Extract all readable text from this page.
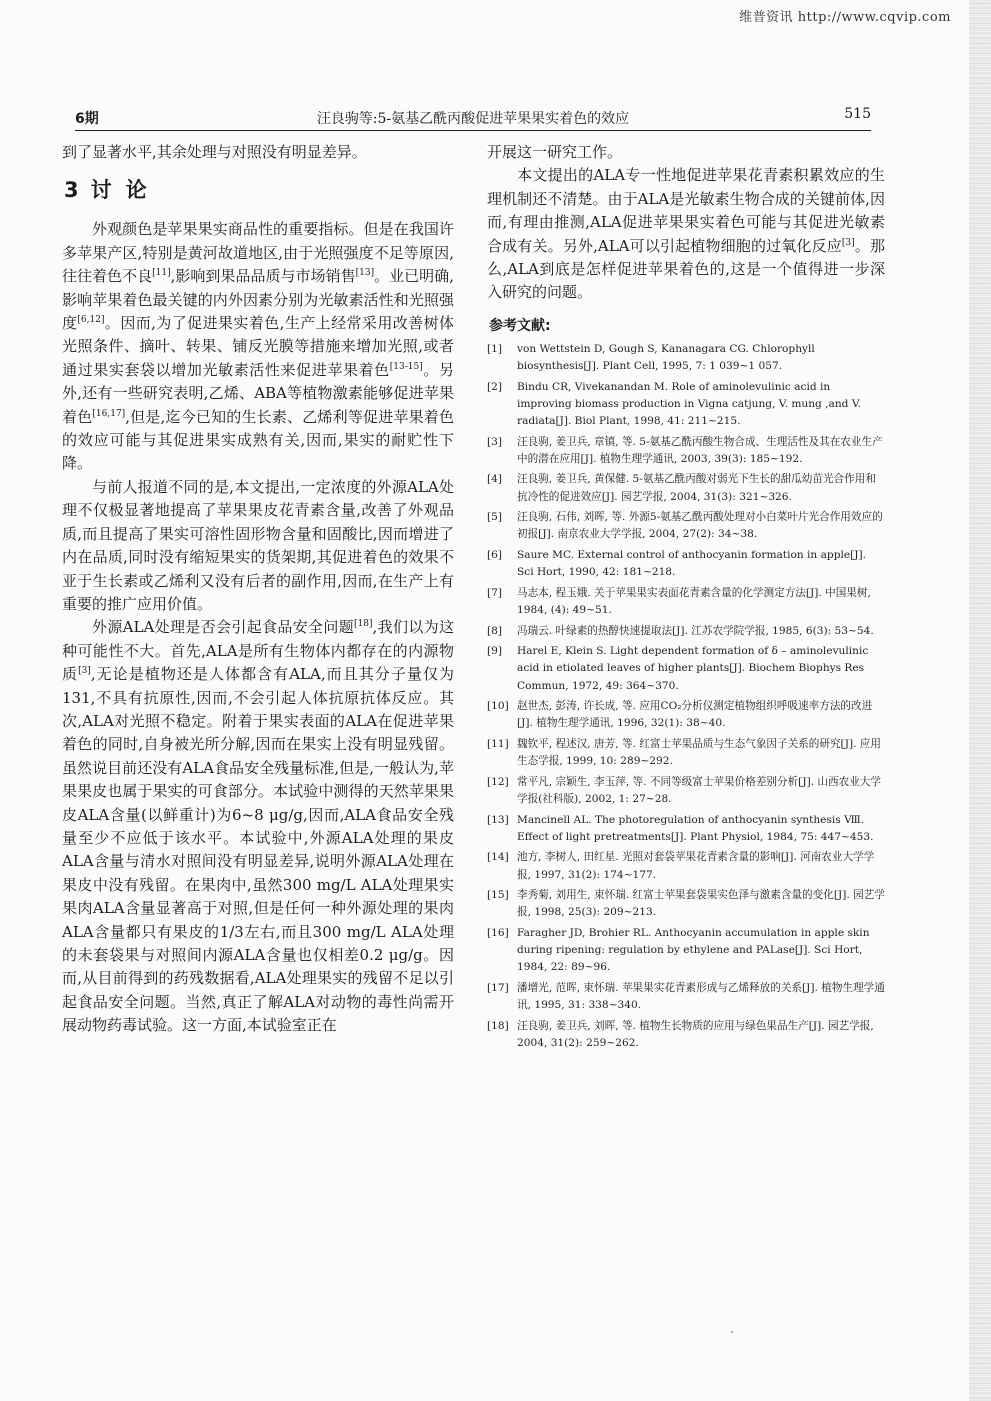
维普资讯 http://www.cqvip.com
6期	汪良驹等:5-氨基乙酰丙酸促进苹果果实着色的效应	515

到了显著水平,其余处理与对照没有明显差异。

3 讨论

外观颜色是苹果果实商品性的重要指标。但是在我国许多苹果产区,特别是黄河故道地区,由于光照强度不足等原因,往往着色不良[11],影响到果品品质与市场销售[13]。业已明确,影响苹果着色最关键的内外因素分别为光敏素活性和光照强度[6,12]。因而,为了促进果实着色,生产上经常采用改善树体光照条件、摘叶、转果、铺反光膜等措施来增加光照,或者通过果实套袋以增加光敏素活性来促进苹果着色[13-15]。另外,还有一些研究表明,乙烯、ABA等植物激素能够促进苹果着色[16,17],但是,迄今已知的生长素、乙烯利等促进苹果着色的效应可能与其促进果实成熟有关,因而,果实的耐贮性下降。

与前人报道不同的是,本文提出,一定浓度的外源ALA处理不仅极显著地提高了苹果果皮花青素含量,改善了外观品质,而且提高了果实可溶性固形物含量和固酸比,因而增进了内在品质,同时没有缩短果实的货架期,其促进着色的效果不亚于生长素或乙烯利又没有后者的副作用,因而,在生产上有重要的推广应用价值。

外源ALA处理是否会引起食品安全问题[18],我们以为这种可能性不大。首先,ALA是所有生物体内都存在的内源物质[3],无论是植物还是人体都含有ALA,而且其分子量仅为131,不具有抗原性,因而,不会引起人体抗原抗体反应。其次,ALA对光照不稳定。附着于果实表面的ALA在促进苹果着色的同时,自身被光所分解,因而在果实上没有明显残留。虽然说目前还没有ALA食品安全残量标准,但是,一般认为,苹果果皮也属于果实的可食部分。本试验中测得的天然苹果果皮ALA含量(以鲜重计)为6~8 μg/g,因而,ALA食品安全残量至少不应低于该水平。本试验中,外源ALA处理的果皮ALA含量与清水对照间没有明显差异,说明外源ALA处理在果皮中没有残留。在果肉中,虽然300 mg/L ALA处理果实果肉ALA含量显著高于对照,但是任何一种外源处理的果肉ALA含量都只有果皮的1/3左右,而且300 mg/L ALA处理的未套袋果与对照间内源ALA含量也仅相差0.2 μg/g。因而,从目前得到的药残数据看,ALA处理果实的残留不足以引起食品安全问题。当然,真正了解ALA对动物的毒性尚需开展动物药毒试验。这一方面,本试验室正在

开展这一研究工作。

本文提出的ALA专一性地促进苹果花青素积累效应的生理机制还不清楚。由于ALA是光敏素生物合成的关键前体,因而,有理由推测,ALA促进苹果果实着色可能与其促进光敏素合成有关。另外,ALA可以引起植物细胞的过氧化反应[3]。那么,ALA到底是怎样促进苹果着色的,这是一个值得进一步深入研究的问题。

参考文献:
[1] von Wettstein D, Gough S, Kananagara CG. Chlorophyll biosynthesis[J]. Plant Cell, 1995, 7: 1 039~1 057.
[2] Bindu CR, Vivekanandan M. Role of aminolevulinic acid in improving biomass production in Vigna catjung, V. mung ,and V. radiata[J]. Biol Plant, 1998, 41: 211~215.
[3] 汪良驹, 姜卫兵, 章镇, 等. 5-氨基乙酰丙酸生物合成、生理活性及其在农业生产中的潜在应用[J]. 植物生理学通讯, 2003, 39(3): 185~192.
[4] 汪良驹, 姜卫兵, 黄保健. 5-氨基乙酰丙酸对弱光下生长的甜瓜幼苗光合作用和抗冷性的促进效应[J]. 园艺学报, 2004, 31(3): 321~326.
[5] 汪良驹, 石伟, 刘晖, 等. 外源5-氨基乙酰丙酸处理对小白菜叶片光合作用效应的初报[J]. 南京农业大学学报, 2004, 27(2): 34~38.
[6] Saure MC. External control of anthocyanin formation in apple[J]. Sci Hort, 1990, 42: 181~218.
[7] 马志本, 程玉娥. 关于苹果果实表面花青素含量的化学测定方法[J]. 中国果树, 1984, (4): 49~51.
[8] 冯瑞云. 叶绿素的热醇快速提取法[J]. 江苏农学院学报, 1985, 6(3): 53~54.
[9] Harel E, Klein S. Light dependent formation of δ – aminolevulinic acid in etiolated leaves of higher plants[J]. Biochem Biophys Res Commun, 1972, 49: 364~370.
[10] 赵世杰, 彭涛, 许长成, 等. 应用CO₂分析仪测定植物组织呼吸速率方法的改进[J]. 植物生理学通讯, 1996, 32(1): 38~40.
[11] 魏钦平, 程述汉, 唐芳, 等. 红富士苹果品质与生态气象因子关系的研究[J]. 应用生态学报, 1999, 10: 289~292.
[12] 常平凡, 宗颖生, 李玉萍, 等. 不同等级富士苹果价格差别分析[J]. 山西农业大学学报(社科版), 2002, 1: 27~28.
[13] Mancinell AL. The photoregulation of anthocyanin synthesis Ⅷ. Effect of light pretreatments[J]. Plant Physiol, 1984, 75: 447~453.
[14] 池方, 李树人, 田红星. 光照对套袋苹果花青素含量的影响[J]. 河南农业大学学报, 1997, 31(2): 174~177.
[15] 李秀菊, 刘用生, 束怀瑞. 红富士苹果套袋果实色泽与激素含量的变化[J]. 园艺学报, 1998, 25(3): 209~213.
[16] Faragher JD, Brohier RL. Anthocyanin accumulation in apple skin during ripening: regulation by ethylene and PALase[J]. Sci Hort, 1984, 22: 89~96.
[17] 潘增光, 范晖, 束怀瑞. 苹果果实花青素形成与乙烯释放的关系[J]. 植物生理学通讯, 1995, 31: 338~340.
[18] 汪良驹, 姜卫兵, 刘晖, 等. 植物生长物质的应用与绿色果品生产[J]. 园艺学报, 2004, 31(2): 259~262.
